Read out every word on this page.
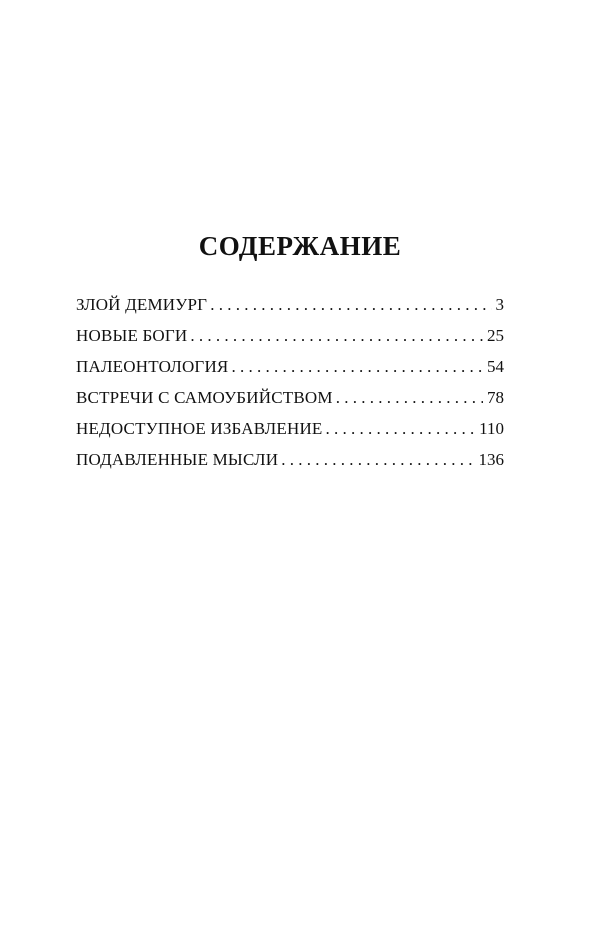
СОДЕРЖАНИЕ
ЗЛОЙ ДЕМИУРГ . . .	3
НОВЫЕ БОГИ . . .	25
ПАЛЕОНТОЛОГИЯ . . .	54
ВСТРЕЧИ С САМОУБИЙСТВОМ . . .	78
НЕДОСТУПНОЕ ИЗБАВЛЕНИЕ . . .	110
ПОДАВЛЕННЫЕ МЫСЛИ . . .	136
